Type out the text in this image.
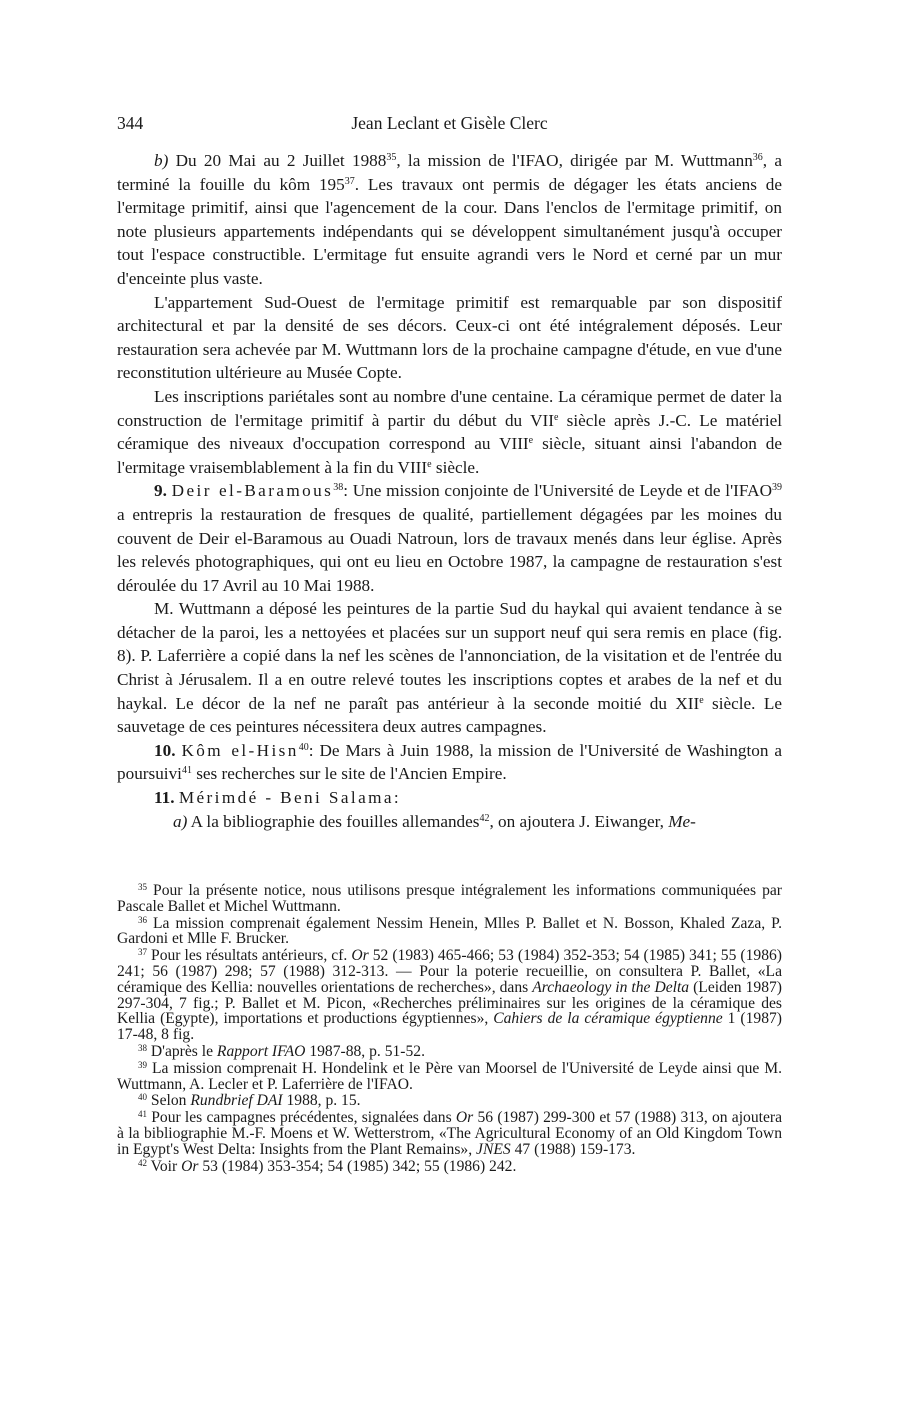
344	Jean Leclant et Gisèle Clerc

b) Du 20 Mai au 2 Juillet 1988$^{35}$, la mission de l'IFAO, dirigée par M. Wuttmann$^{36}$, a terminé la fouille du kôm $195^{37}$. Les travaux ont permis de dégager les états anciens de l'ermitage primitif, ainsi que l'agencement de la cour. Dans l'enclos de l'ermitage primitif, on note plusieurs appartements indépendants qui se développent simultanément jusqu'à occuper tout l'espace constructible. L'ermitage fut ensuite agrandi vers le Nord et cerné par un mur d'enceinte plus vaste.

L'appartement Sud-Ouest de l'ermitage primitif est remarquable par son dispositif architectural et par la densité de ses décors. Ceux-ci ont été intégralement déposés. Leur restauration sera achevée par M. Wuttmann lors de la prochaine campagne d'étude, en vue d'une reconstitution ultérieure au Musée Copte.

Les inscriptions pariétales sont au nombre d'une centaine. La céramique permet de dater la construction de l'ermitage primitif à partir du début du VIIe siècle après J.-C. Le matériel céramique des niveaux d'occupation correspond au VIIIe siècle, situant ainsi l'abandon de l'ermitage vraisemblablement à la fin du VIIIe siècle.

9. Deir el-Baramous$^{38}$: Une mission conjointe de l'Université de Leyde et de l'IFAO$^{39}$ a entrepris la restauration de fresques de qualité, partiellement dégagées par les moines du couvent de Deir el-Baramous au Ouadi Natroun, lors de travaux menés dans leur église. Après les relevés photographiques, qui ont eu lieu en Octobre 1987, la campagne de restauration s'est déroulée du 17 Avril au 10 Mai 1988.

M. Wuttmann a déposé les peintures de la partie Sud du haykal qui avaient tendance à se détacher de la paroi, les a nettoyées et placées sur un support neuf qui sera remis en place (fig. 8). P. Laferrière a copié dans la nef les scènes de l'annonciation, de la visitation et de l'entrée du Christ à Jérusalem. Il a en outre relevé toutes les inscriptions coptes et arabes de la nef et du haykal. Le décor de la nef ne paraît pas antérieur à la seconde moitié du XIIe siècle. Le sauvetage de ces peintures nécessitera deux autres campagnes.

10. Kôm el-Hisn$^{40}$: De Mars à Juin 1988, la mission de l'Université de Washington a poursuivi$^{41}$ ses recherches sur le site de l'Ancien Empire.

11. Mérimdé - Beni Salama:

a) A la bibliographie des fouilles allemandes$^{42}$, on ajoutera J. Eiwanger, Me-

$^{35}$ Pour la présente notice, nous utilisons presque intégralement les informations communiquées par Pascale Ballet et Michel Wuttmann.

$^{36}$ La mission comprenait également Nessim Henein, Mlles P. Ballet et N. Bosson, Khaled Zaza, P. Gardoni et Mlle F. Brucker.

$^{37}$ Pour les résultats antérieurs, cf. Or 52 (1983) 465-466; 53 (1984) 352-353; 54 (1985) 341; 55 (1986) 241; 56 (1987) 298; 57 (1988) 312-313. — Pour la poterie recueillie, on consultera P. Ballet, «La céramique des Kellia: nouvelles orientations de recherches», dans Archaeology in the Delta (Leiden 1987) 297-304, 7 fig.; P. Ballet et M. Picon, «Recherches préliminaires sur les origines de la céramique des Kellia (Egypte), importations et productions égyptiennes», Cahiers de la céramique égyptienne 1 (1987) 17-48, 8 fig.

$^{38}$ D'après le Rapport IFAO 1987-88, p. 51-52.

$^{39}$ La mission comprenait H. Hondelink et le Père van Moorsel de l'Université de Leyde ainsi que M. Wuttmann, A. Lecler et P. Laferrière de l'IFAO.

$^{40}$ Selon Rundbrief DAI 1988, p. 15.

$^{41}$ Pour les campagnes précédentes, signalées dans Or 56 (1987) 299-300 et 57 (1988) 313, on ajoutera à la bibliographie M.-F. Moens et W. Wetterstrom, «The Agricultural Economy of an Old Kingdom Town in Egypt's West Delta: Insights from the Plant Remains», JNES 47 (1988) 159-173.

$^{42}$ Voir Or 53 (1984) 353-354; 54 (1985) 342; 55 (1986) 242.
